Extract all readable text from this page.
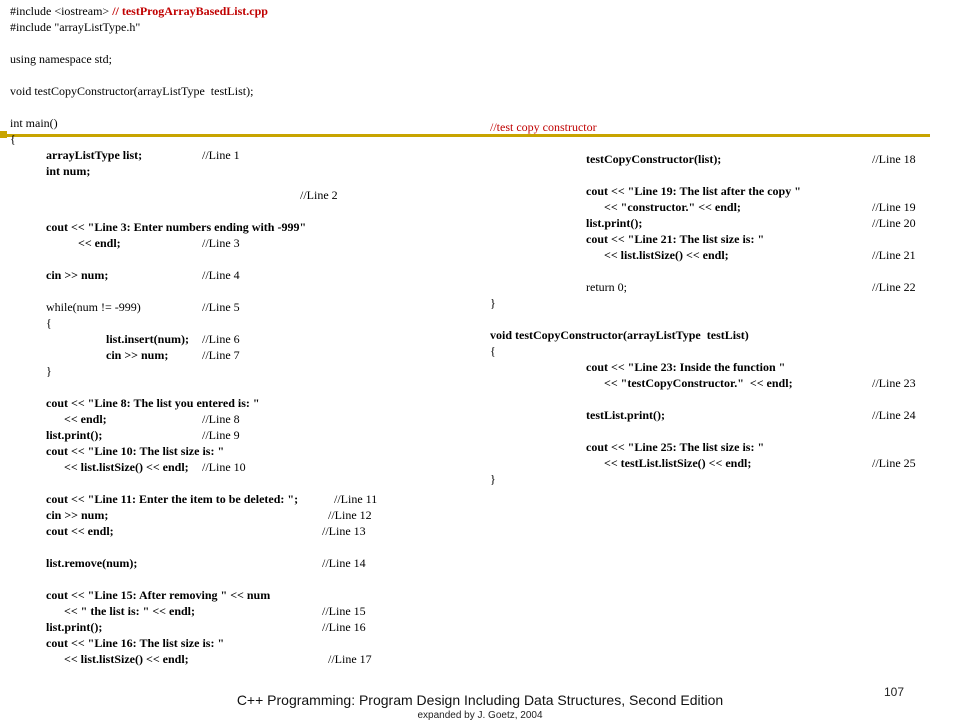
#include <iostream> // testProgArrayBasedList.cpp
#include "arrayListType.h"
using namespace std;
void testCopyConstructor(arrayListType  testList);
int main()
{
arrayListType list;	//Line 1
int num;
//Line 2
cout << "Line 3: Enter numbers ending with -999"
<< endl;	//Line 3
cin >> num;	//Line 4
while(num != -999)	//Line 5
{
list.insert(num); //Line 6
cin >> num;	//Line 7
}
cout << "Line 8: The list you entered is: "
<< endl;	//Line 8
list.print();	//Line 9
cout << "Line 10: The list size is: "
<< list.listSize() << endl; //Line 10
cout << "Line 11: Enter the item to be deleted: ";	//Line 11
cin >> num;	//Line 12
cout << endl;	//Line 13
list.remove(num);	//Line 14
cout << "Line 15: After removing " << num
<< " the list is: " << endl;	//Line 15
list.print();	//Line 16
cout << "Line 16: The list size is: "
<< list.listSize() << endl;	//Line 17
//test copy constructor
testCopyConstructor(list);	//Line 18
cout << "Line 19: The list after the copy "
<< "constructor." << endl;	//Line 19
list.print();	//Line 20
cout << "Line 21: The list size is: "
<< list.listSize() << endl;	//Line 21
return 0;	//Line 22
}
void testCopyConstructor(arrayListType  testList)
{
cout << "Line 23: Inside the function "
<< "testCopyConstructor."  << endl;	//Line 23
testList.print();	//Line 24
cout << "Line 25: The list size is: "
<< testList.listSize() << endl;	//Line 25
}
107
C++ Programming: Program Design Including Data Structures, Second Edition
expanded by J. Goetz, 2004
